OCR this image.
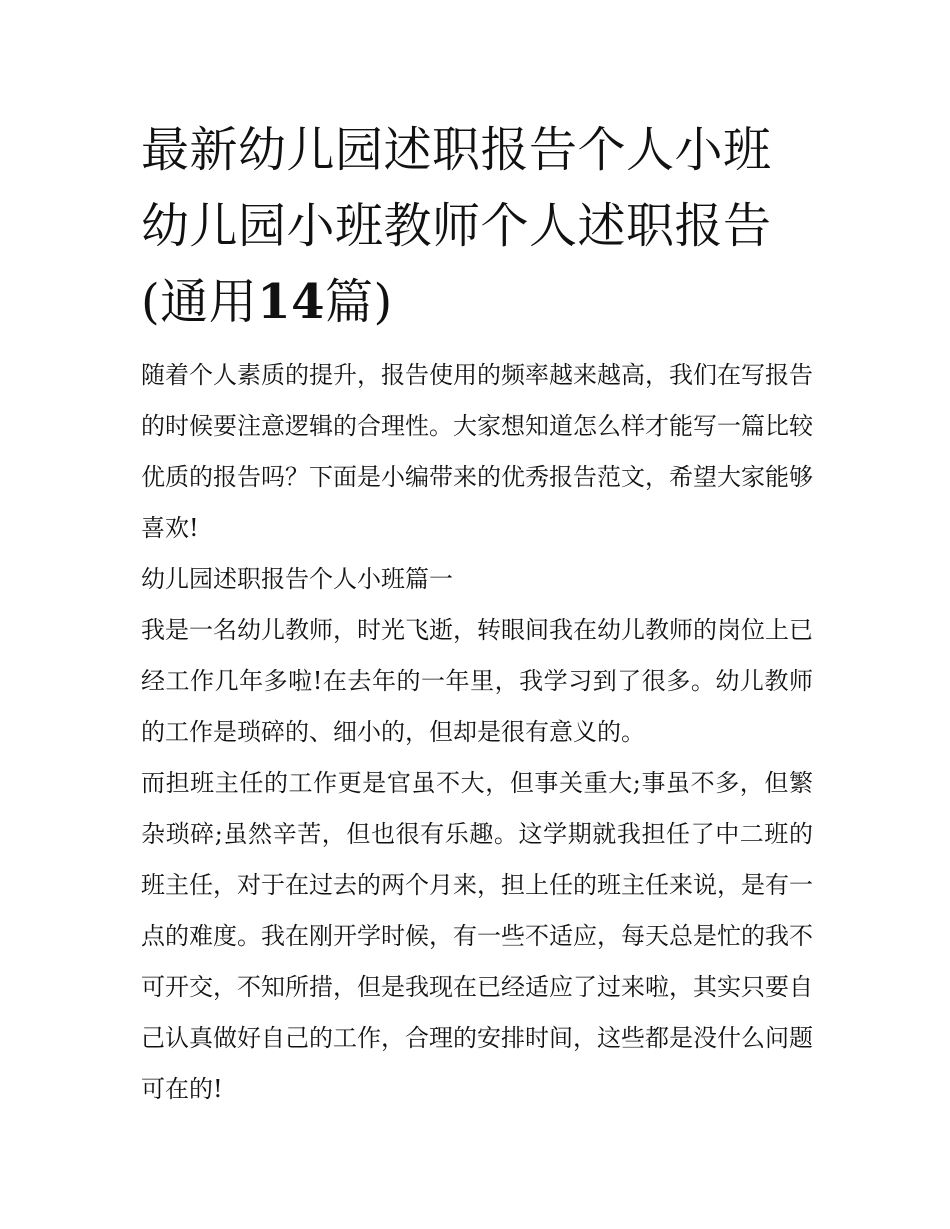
最新幼儿园述职报告个人小班幼儿园小班教师个人述职报告(通用14篇)

随着个人素质的提升，报告使用的频率越来越高，我们在写报告的时候要注意逻辑的合理性。大家想知道怎么样才能写一篇比较优质的报告吗？下面是小编带来的优秀报告范文，希望大家能够喜欢!

幼儿园述职报告个人小班篇一

我是一名幼儿教师，时光飞逝，转眼间我在幼儿教师的岗位上已经工作几年多啦!在去年的一年里，我学习到了很多。幼儿教师的工作是琐碎的、细小的，但却是很有意义的。

而担班主任的工作更是官虽不大，但事关重大;事虽不多，但繁杂琐碎;虽然辛苦，但也很有乐趣。这学期就我担任了中二班的班主任，对于在过去的两个月来，担上任的班主任来说，是有一点的难度。我在刚开学时候，有一些不适应，每天总是忙的我不可开交，不知所措，但是我现在已经适应了过来啦，其实只要自己认真做好自己的工作，合理的安排时间，这些都是没什么问题可在的!
